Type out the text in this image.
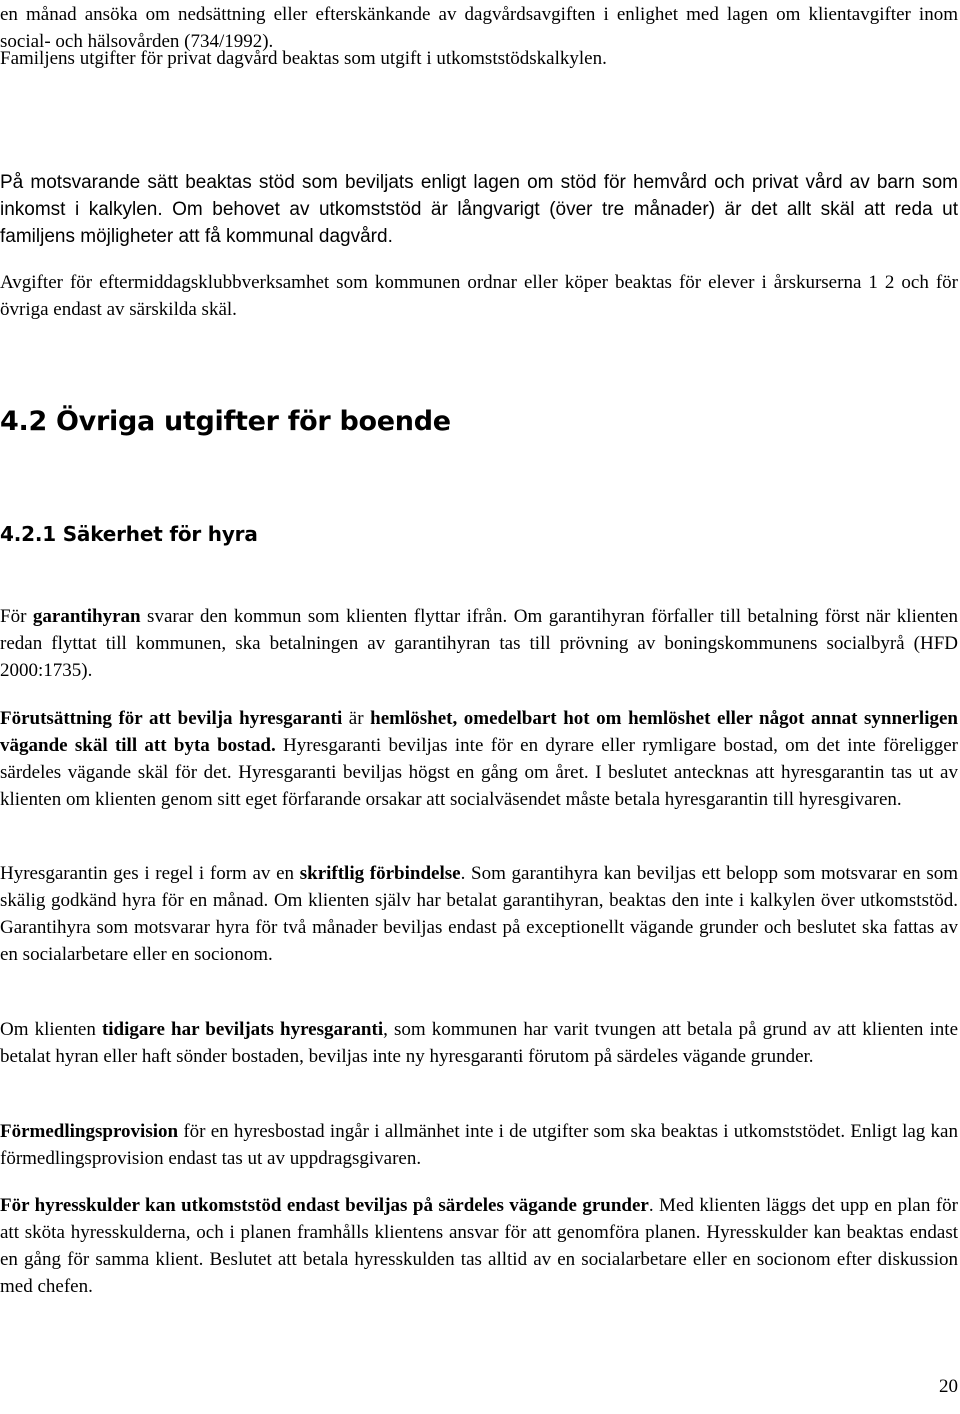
en månad ansöka om nedsättning eller efterskänkande av dagvårdsavgiften i enlighet med lagen om klientavgifter inom social- och hälsovården (734/1992).

Familjens utgifter för privat dagvård beaktas som utgift i utkomststödskalkylen.

På motsvarande sätt beaktas stöd som beviljats enligt lagen om stöd för hemvård och privat vård av barn som inkomst i kalkylen. Om behovet av utkomststöd är långvarigt (över tre månader) är det allt skäl att reda ut familjens möjligheter att få kommunal dagvård.

Avgifter för eftermiddagsklubbverksamhet som kommunen ordnar eller köper beaktas för elever i årskurserna 1 2 och för övriga endast av särskilda skäl.

4.2 Övriga utgifter för boende
4.2.1 Säkerhet för hyra

För garantihyran svarar den kommun som klienten flyttar ifrån. Om garantihyran förfaller till betalning först när klienten redan flyttat till kommunen, ska betalningen av garantihyran tas till prövning av boningskommunens socialbyrå (HFD 2000:1735).

Förutsättning för att bevilja hyresgaranti är hemlöshet, omedelbart hot om hemlöshet eller något annat synnerligen vägande skäl till att byta bostad. Hyresgaranti beviljas inte för en dyrare eller rymligare bostad, om det inte föreligger särdeles vägande skäl för det. Hyresgaranti beviljas högst en gång om året. I beslutet antecknas att hyresgarantin tas ut av klienten om klienten genom sitt eget förfarande orsakar att socialväsendet måste betala hyresgarantin till hyresgivaren.

Hyresgarantin ges i regel i form av en skriftlig förbindelse. Som garantihyra kan beviljas ett belopp som motsvarar en som skälig godkänd hyra för en månad. Om klienten själv har betalat garantihyran, beaktas den inte i kalkylen över utkomststöd. Garantihyra som motsvarar hyra för två månader beviljas endast på exceptionellt vägande grunder och beslutet ska fattas av en socialarbetare eller en socionom.

Om klienten tidigare har beviljats hyresgaranti, som kommunen har varit tvungen att betala på grund av att klienten inte betalat hyran eller haft sönder bostaden, beviljas inte ny hyresgaranti förutom på särdeles vägande grunder.

Förmedlingsprovision för en hyresbostad ingår i allmänhet inte i de utgifter som ska beaktas i utkomststödet. Enligt lag kan förmedlingsprovision endast tas ut av uppdragsgivaren.

För hyresskulder kan utkomststöd endast beviljas på särdeles vägande grunder. Med klienten läggs det upp en plan för att sköta hyresskulderna, och i planen framhålls klientens ansvar för att genomföra planen. Hyresskulder kan beaktas endast en gång för samma klient. Beslutet att betala hyresskulden tas alltid av en socialarbetare eller en socionom efter diskussion med chefen.

20
